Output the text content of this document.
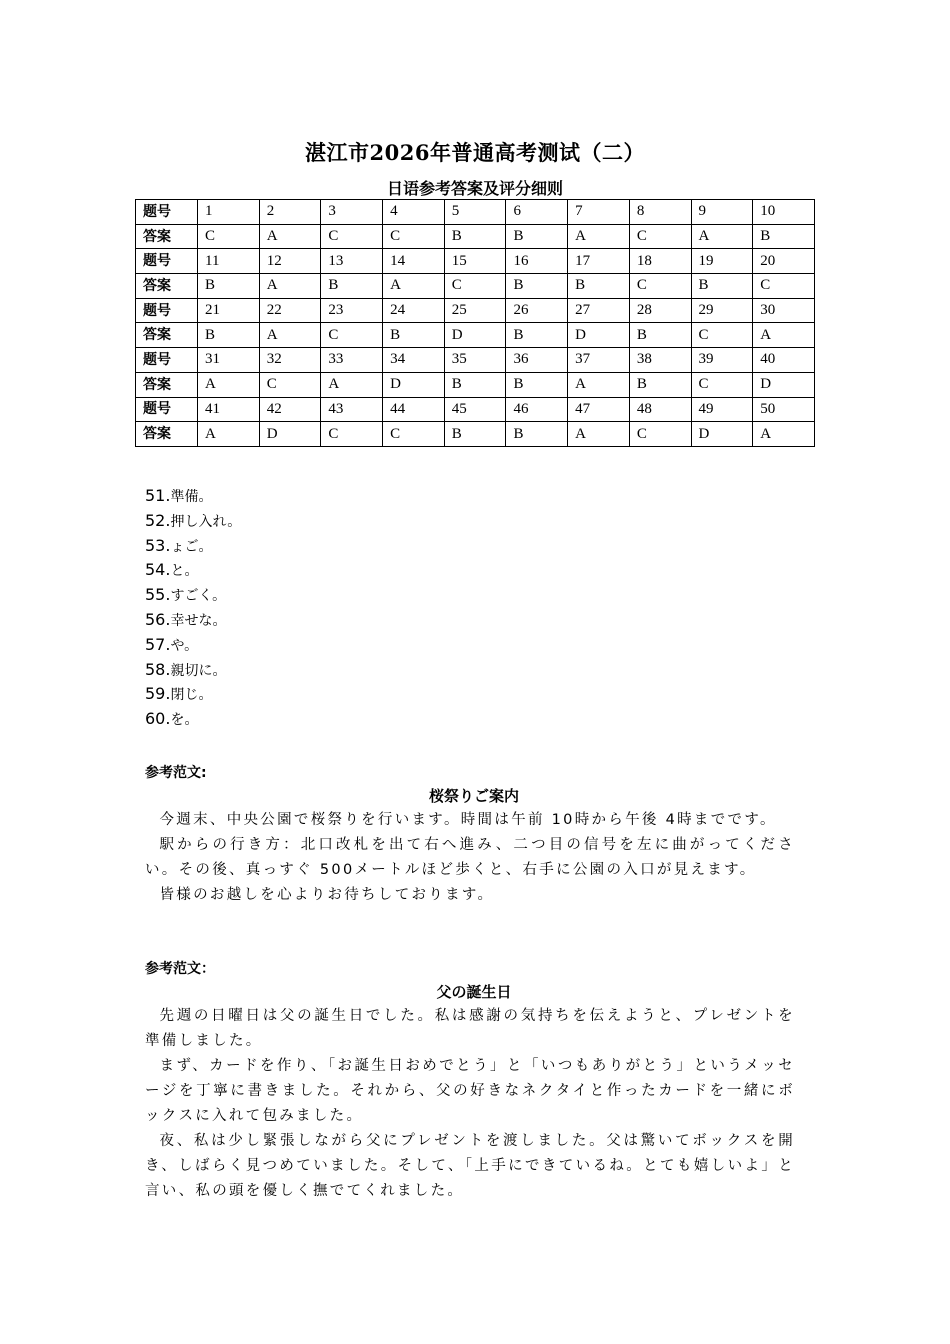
湛江市2026年普通高考测试（二）
日语参考答案及评分细则
题号	1	2	3	4	5	6	7	8	9	10
答案	C	A	C	C	B	B	A	C	A	B
题号	11	12	13	14	15	16	17	18	19	20
答案	B	A	B	A	C	B	B	C	B	C
题号	21	22	23	24	25	26	27	28	29	30
答案	B	A	C	B	D	B	D	B	C	A
题号	31	32	33	34	35	36	37	38	39	40
答案	A	C	A	D	B	B	A	B	C	D
题号	41	42	43	44	45	46	47	48	49	50
答案	A	D	C	C	B	B	A	C	D	A
51.準備。
52.押し入れ。
53.ょご。
54.と。
55.すごく。
56.幸せな。
57.や。
58.親切に。
59.閉じ。
60.を。
参考范文:
桜祭りご案内

今週末、中央公園で桜祭りを行います。時間は午前 10時から午後 4時までです。

駅からの行き方：北口改札を出て右へ進み、二つ目の信号を左に曲がってください。その後、真っすぐ 500メートルほど歩くと、右手に公園の入口が見えます。

皆様のお越しを心よりお待ちしております。

参考范文：
父の誕生日

先週の日曜日は父の誕生日でした。私は感謝の気持ちを伝えようと、プレゼントを準備しました。

まず、カードを作り、「お誕生日おめでとう」と「いつもありがとう」というメッセージを丁寧に書きました。それから、父の好きなネクタイと作ったカードを一緒にボックスに入れて包みました。

夜、私は少し緊張しながら父にプレゼントを渡しました。父は驚いてボックスを開き、しばらく見つめていました。そして、「上手にできているね。とても嬉しいよ」と言い、私の頭を優しく撫でてくれました。
